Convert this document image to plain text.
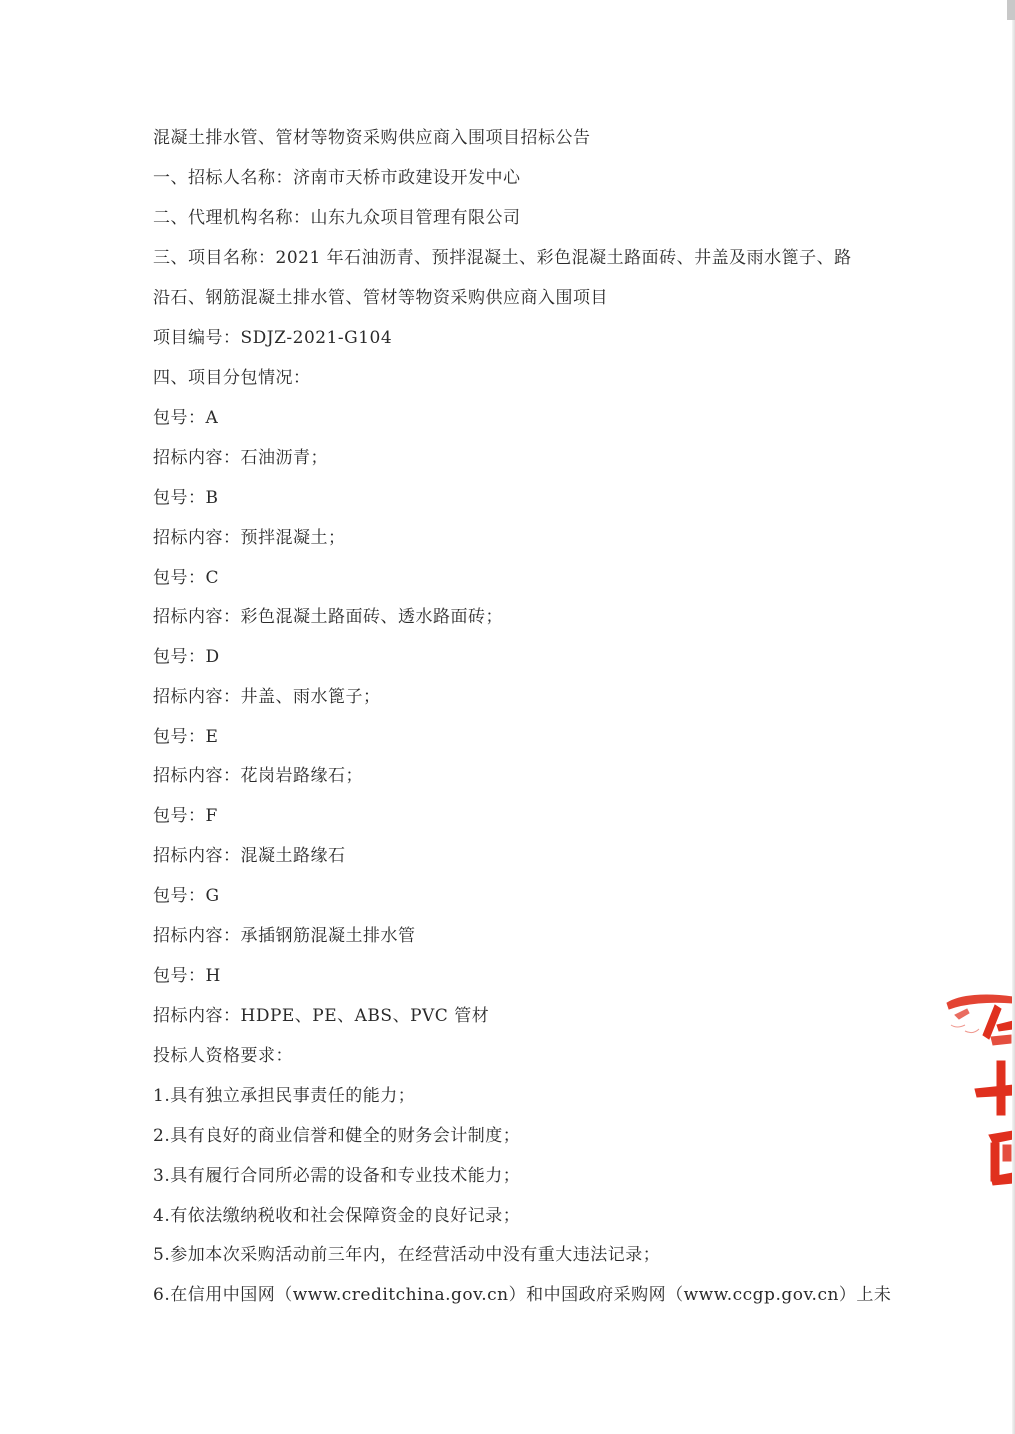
混凝土排水管、管材等物资采购供应商入围项目招标公告
一、招标人名称：济南市天桥市政建设开发中心
二、代理机构名称：山东九众项目管理有限公司
三、项目名称：2021 年石油沥青、预拌混凝土、彩色混凝土路面砖、井盖及雨水篦子、路
沿石、钢筋混凝土排水管、管材等物资采购供应商入围项目
项目编号：SDJZ-2021-G104
四、项目分包情况：
包号：A
招标内容：石油沥青；
包号：B
招标内容：预拌混凝土；
包号：C
招标内容：彩色混凝土路面砖、透水路面砖；
包号：D
招标内容：井盖、雨水篦子；
包号：E
招标内容：花岗岩路缘石；
包号：F
招标内容：混凝土路缘石
包号：G
招标内容：承插钢筋混凝土排水管
包号：H
招标内容：HDPE、PE、ABS、PVC 管材
投标人资格要求：
1.具有独立承担民事责任的能力；
2.具有良好的商业信誉和健全的财务会计制度；
3.具有履行合同所必需的设备和专业技术能力；
4.有依法缴纳税收和社会保障资金的良好记录；
5.参加本次采购活动前三年内，在经营活动中没有重大违法记录；
6.在信用中国网（www.creditchina.gov.cn）和中国政府采购网（www.ccgp.gov.cn）上未
